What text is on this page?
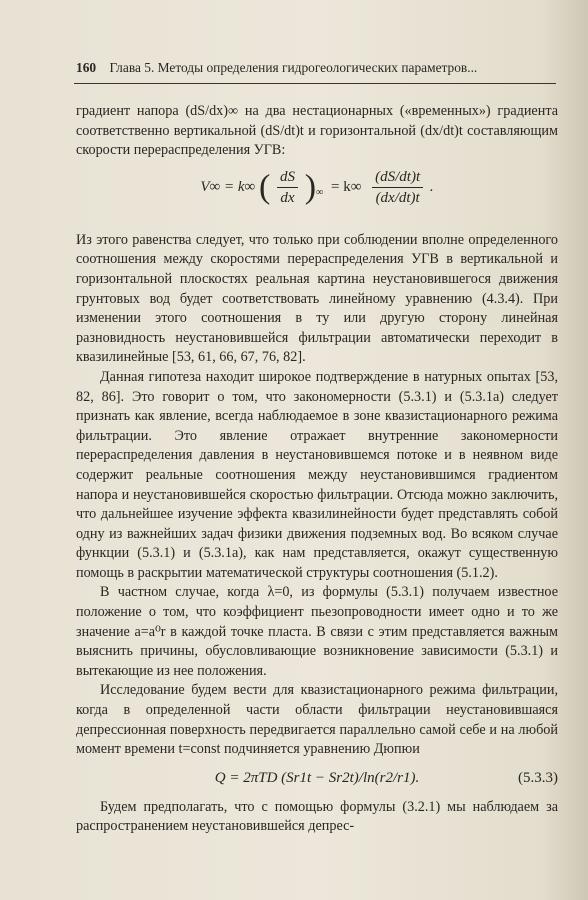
160 Глава 5. Методы определения гидрогеологических параметров...

градиент напора (dS/dx)∞ на два нестационарных («временных») градиента соответственно вертикальной (dS/dt)t и горизонтальной (dx/dt)t составляющим скорости перераспределения УГВ:

V∞ = k∞ ( $\frac{dS}{dx} )_\infty = k\infty \frac{(dS/dt)t}{(dx/dt)t}$ .

Из этого равенства следует, что только при соблюдении вполне определенного соотношения между скоростями перераспределения УГВ в вертикальной и горизонтальной плоскостях реальная картина неустановившегося движения грунтовых вод будет соответствовать линейному уравнению (4.3.4). При изменении этого соотношения в ту или другую сторону линейная разновидность неустановившейся фильтрации автоматически переходит в квазилинейные [53, 61, 66, 67, 76, 82].

Данная гипотеза находит широкое подтверждение в натурных опытах [53, 82, 86]. Это говорит о том, что закономерности (5.3.1) и (5.3.1а) следует признать как явление, всегда наблюдаемое в зоне квазистационарного режима фильтрации. Это явление отражает внутренние закономерности перераспределения давления в неустановившемся потоке и в неявном виде содержит реальные соотношения между неустановившимся градиентом напора и неустановившейся скоростью фильтрации. Отсюда можно заключить, что дальнейшее изучение эффекта квазилинейности будет представлять собой одну из важнейших задач физики движения подземных вод. Во всяком случае функции (5.3.1) и (5.3.1а), как нам представляется, окажут существенную помощь в раскрытии математической структуры соотношения (5.1.2).

В частном случае, когда λ=0, из формулы (5.3.1) получаем известное положение о том, что коэффициент пьезопроводности имеет одно и то же значение a=a⁰r в каждой точке пласта. В связи с этим представляется важным выяснить причины, обусловливающие возникновение зависимости (5.3.1) и вытекающие из нее положения.

Исследование будем вести для квазистационарного режима фильтрации, когда в определенной части области фильтрации неустановившаяся депрессионная поверхность передвигается параллельно самой себе и на любой момент времени t=const подчиняется уравнению Дюпюи

Q = 2πTD (Sr1t − Sr2t)/ln(r2/r1).	(5.3.3)

Будем предполагать, что с помощью формулы (3.2.1) мы наблюдаем за распространением неустановившейся депрес-
